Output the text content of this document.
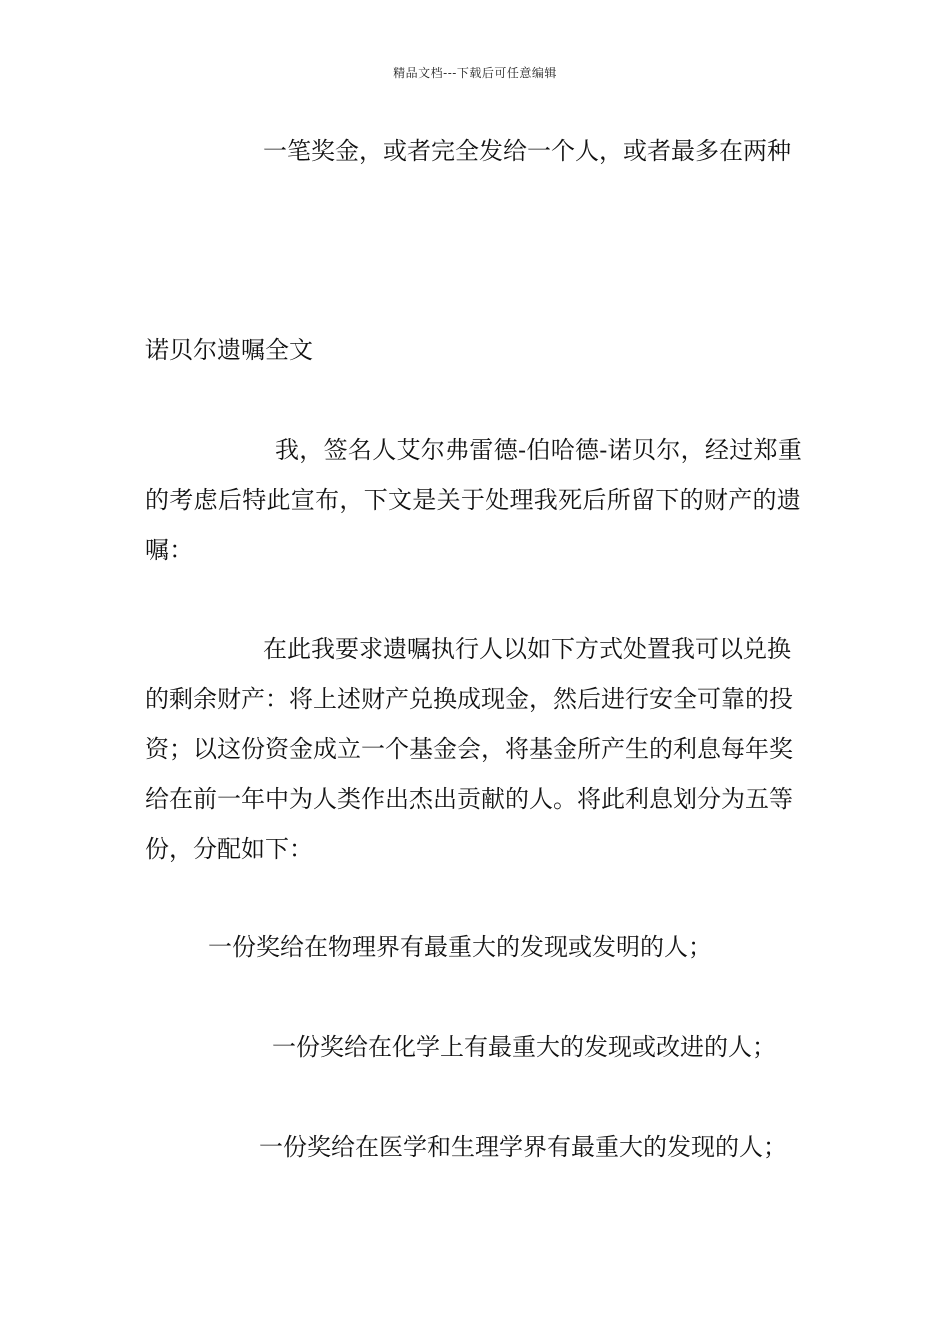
精品文档---下载后可任意编辑

一笔奖金，或者完全发给一个人，或者最多在两种

诺贝尔遗嘱全文

我，签名人艾尔弗雷德-伯哈德-诺贝尔，经过郑重的考虑后特此宣布，下文是关于处理我死后所留下的财产的遗嘱：

在此我要求遗嘱执行人以如下方式处置我可以兑换的剩余财产：将上述财产兑换成现金，然后进行安全可靠的投资；以这份资金成立一个基金会，将基金所产生的利息每年奖给在前一年中为人类作出杰出贡献的人。将此利息划分为五等份，分配如下：

一份奖给在物理界有最重大的发现或发明的人；
一份奖给在化学上有最重大的发现或改进的人；
一份奖给在医学和生理学界有最重大的发现的人；
